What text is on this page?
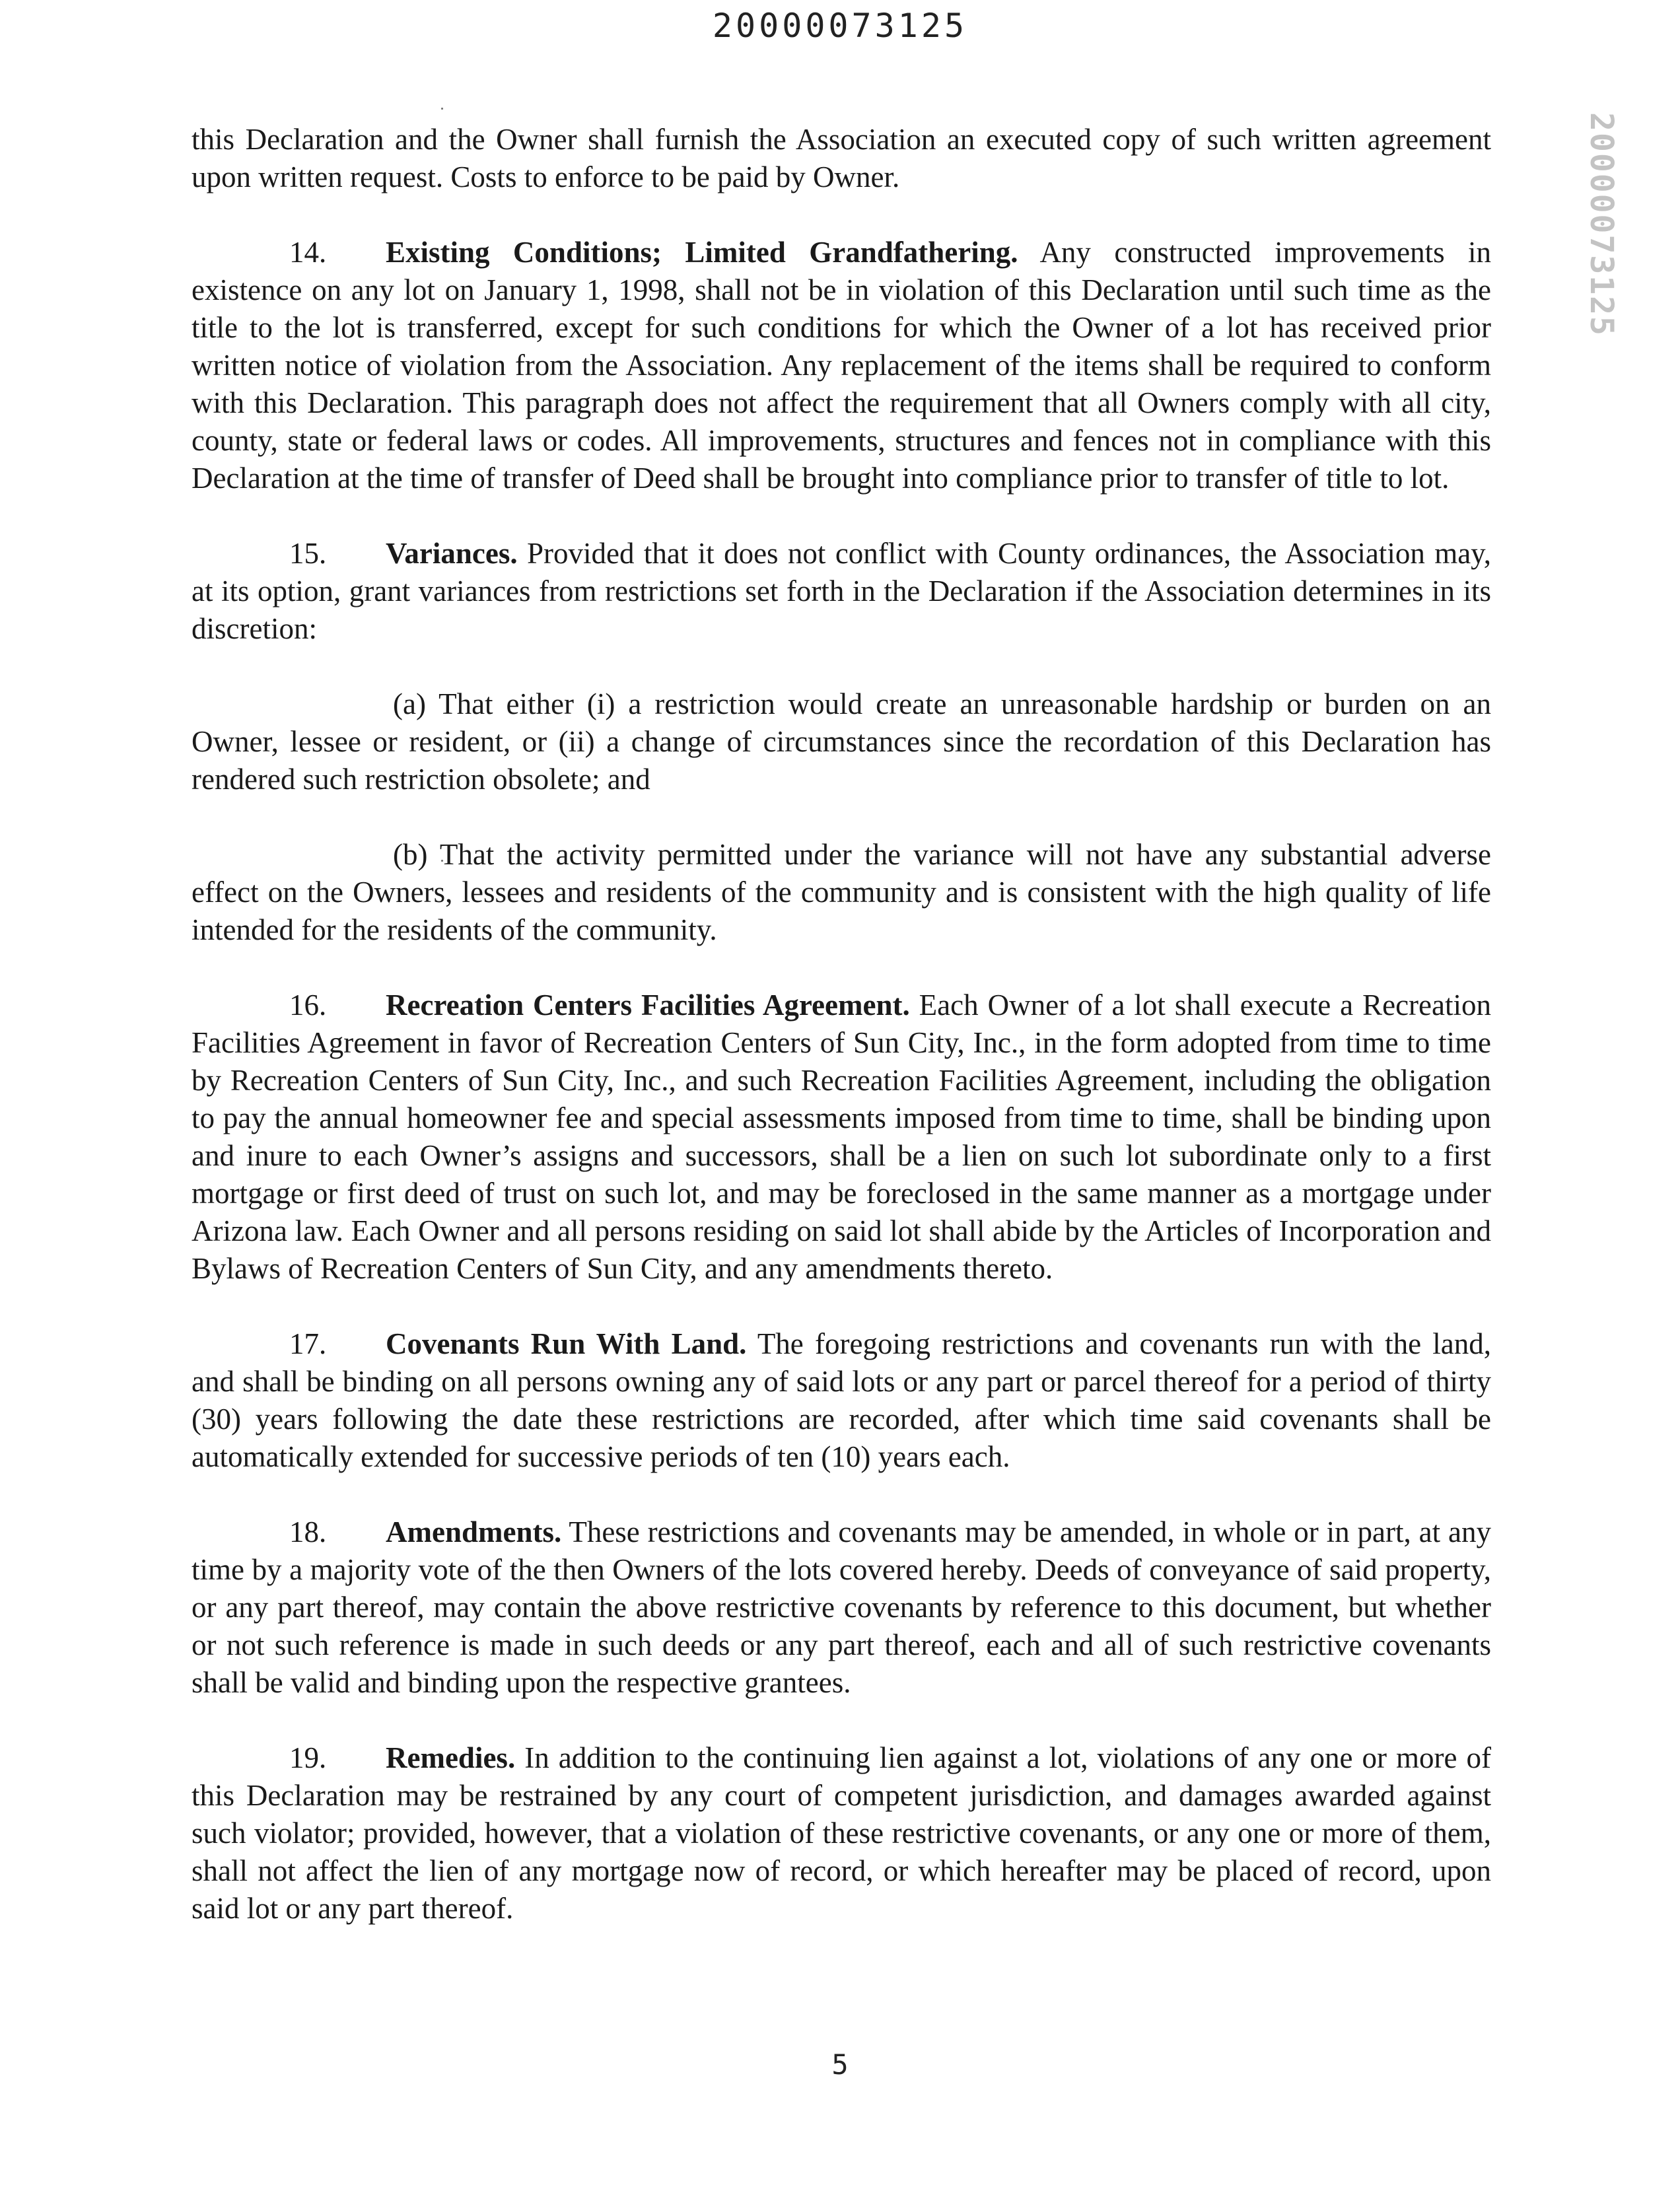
20000073125
20000073125

this Declaration and the Owner shall furnish the Association an executed copy of such written agreement upon written request. Costs to enforce to be paid by Owner.

14. Existing Conditions; Limited Grandfathering. Any constructed improvements in existence on any lot on January 1, 1998, shall not be in violation of this Declaration until such time as the title to the lot is transferred, except for such conditions for which the Owner of a lot has received prior written notice of violation from the Association. Any replacement of the items shall be required to conform with this Declaration. This paragraph does not affect the requirement that all Owners comply with all city, county, state or federal laws or codes. All improvements, structures and fences not in compliance with this Declaration at the time of transfer of Deed shall be brought into compliance prior to transfer of title to lot.

15. Variances. Provided that it does not conflict with County ordinances, the Association may, at its option, grant variances from restrictions set forth in the Declaration if the Association determines in its discretion:

(a) That either (i) a restriction would create an unreasonable hardship or burden on an Owner, lessee or resident, or (ii) a change of circumstances since the recordation of this Declaration has rendered such restriction obsolete; and

(b) That the activity permitted under the variance will not have any substantial adverse effect on the Owners, lessees and residents of the community and is consistent with the high quality of life intended for the residents of the community.

16. Recreation Centers Facilities Agreement. Each Owner of a lot shall execute a Recreation Facilities Agreement in favor of Recreation Centers of Sun City, Inc., in the form adopted from time to time by Recreation Centers of Sun City, Inc., and such Recreation Facilities Agreement, including the obligation to pay the annual homeowner fee and special assessments imposed from time to time, shall be binding upon and inure to each Owner’s assigns and successors, shall be a lien on such lot subordinate only to a first mortgage or first deed of trust on such lot, and may be foreclosed in the same manner as a mortgage under Arizona law. Each Owner and all persons residing on said lot shall abide by the Articles of Incorporation and Bylaws of Recreation Centers of Sun City, and any amendments thereto.

17. Covenants Run With Land. The foregoing restrictions and covenants run with the land, and shall be binding on all persons owning any of said lots or any part or parcel thereof for a period of thirty (30) years following the date these restrictions are recorded, after which time said covenants shall be automatically extended for successive periods of ten (10) years each.

18. Amendments. These restrictions and covenants may be amended, in whole or in part, at any time by a majority vote of the then Owners of the lots covered hereby. Deeds of conveyance of said property, or any part thereof, may contain the above restrictive covenants by reference to this document, but whether or not such reference is made in such deeds or any part thereof, each and all of such restrictive covenants shall be valid and binding upon the respective grantees.

19. Remedies. In addition to the continuing lien against a lot, violations of any one or more of this Declaration may be restrained by any court of competent jurisdiction, and damages awarded against such violator; provided, however, that a violation of these restrictive covenants, or any one or more of them, shall not affect the lien of any mortgage now of record, or which hereafter may be placed of record, upon said lot or any part thereof.

5
